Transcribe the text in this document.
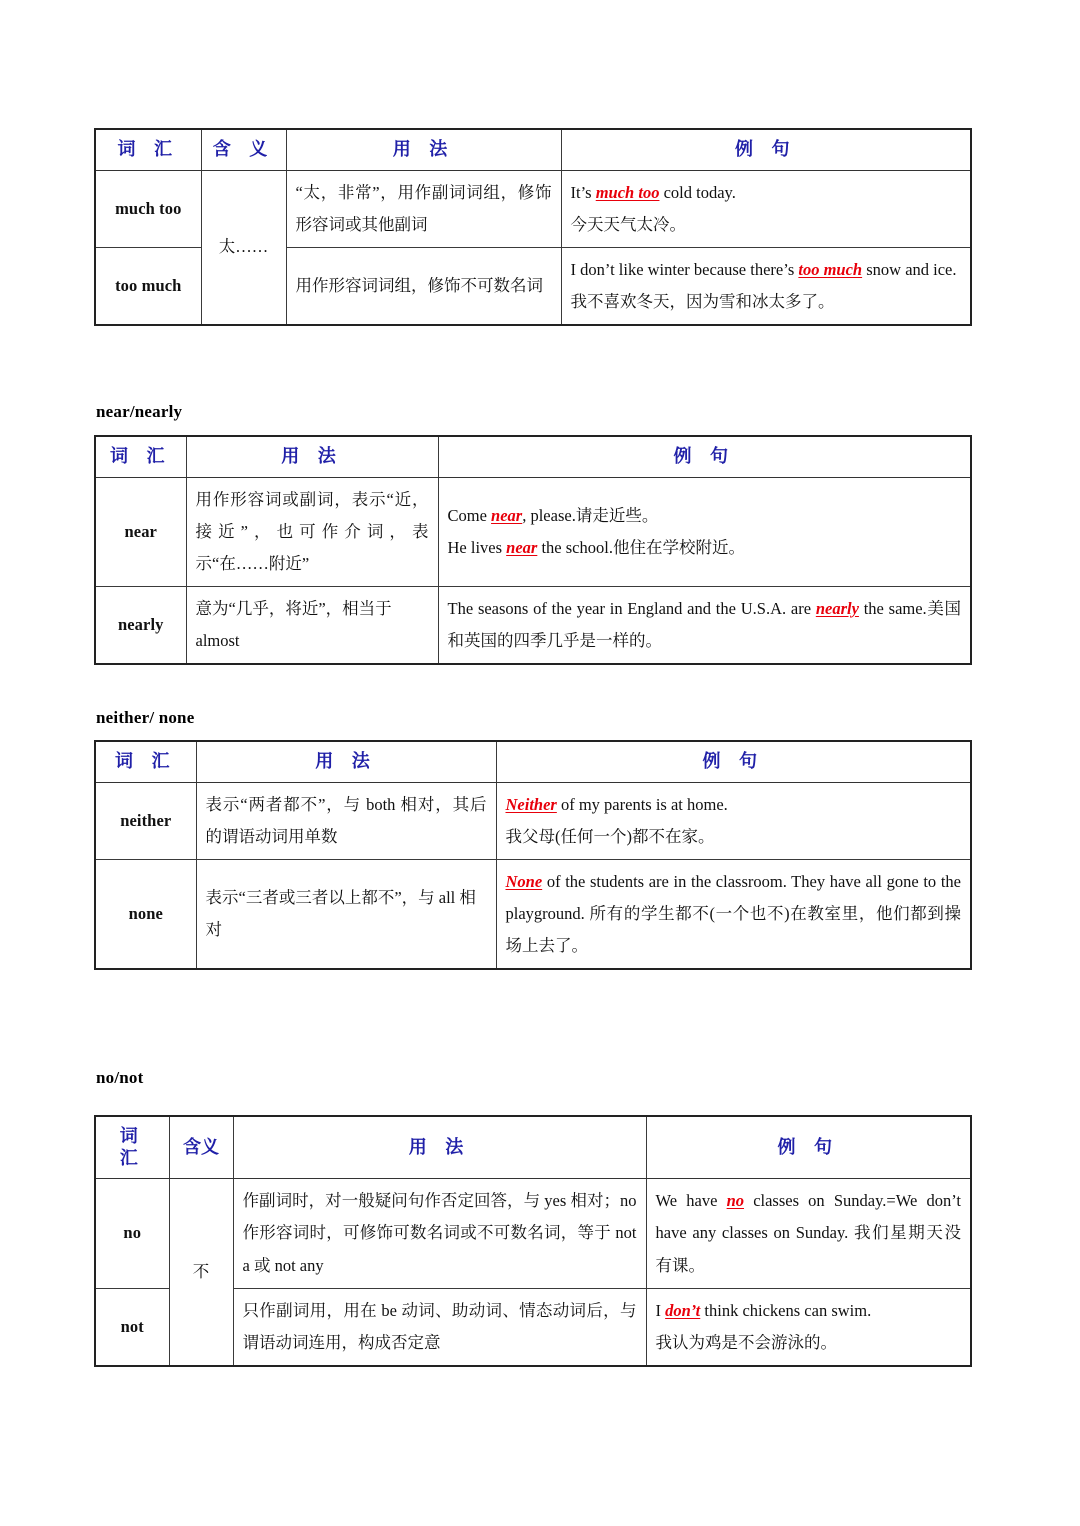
词 汇	含 义	用 法	例 句
much too	太……	“太，非常”，用作副词词组，修饰形容词或其他副词	It’s much too cold today.
今天天气太冷。
too much		用作形容词词组，修饰不可数名词	I don’t like winter because there’s too much snow and ice.
我不喜欢冬天，因为雪和冰太多了。
near/nearly
词 汇	用 法	例 句
near	用作形容词或副词，表示“近，接近”，也可作介词，表示“在……附近”	Come near, please.请走近些。
He lives near the school.他住在学校附近。
nearly	意为“几乎，将近”，相当于 almost	The seasons of the year in England and the U.S.A. are nearly the same.美国和英国的四季几乎是一样的。
neither/ none
词 汇	用 法	例 句
neither	表示“两者都不”，与 both 相对，其后的谓语动词用单数	Neither of my parents is at home.
我父母(任何一个)都不在家。
none	表示“三者或三者以上都不”，与 all 相对	None of the students are in the classroom. They have all gone to the playground. 所有的学生都不(一个也不)在教室里，他们都到操场上去了。
no/not
词 汇	含义	用 法	例 句
no	不	作副词时，对一般疑问句作否定回答，与 yes 相对；no 作形容词时，可修饰可数名词或不可数名词，等于 not a 或 not any	We have no classes on Sunday.=We don’t have any classes on Sunday. 我们星期天没有课。
not		只作副词用，用在 be 动词、助动词、情态动词后，与谓语动词连用，构成否定意	I don’t think chickens can swim.
我认为鸡是不会游泳的。
